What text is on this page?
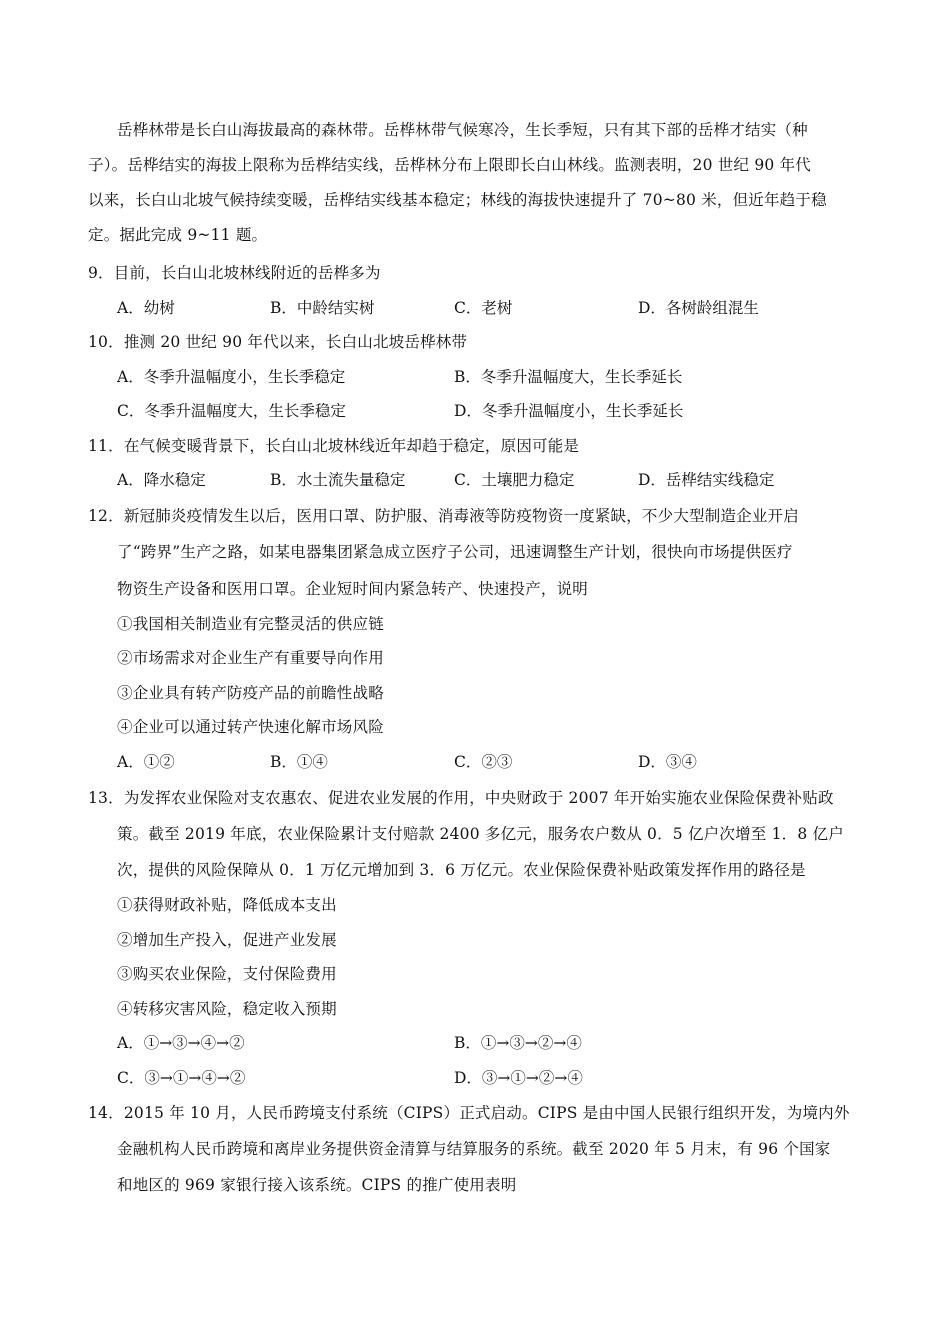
岳桦林带是长白山海拔最高的森林带。岳桦林带气候寒冷，生长季短，只有其下部的岳桦才结实（种
子）。岳桦结实的海拔上限称为岳桦结实线，岳桦林分布上限即长白山林线。监测表明，20 世纪 90 年代
以来，长白山北坡气候持续变暖，岳桦结实线基本稳定；林线的海拔快速提升了 70~80 米，但近年趋于稳
定。据此完成 9~11 题。
9．目前，长白山北坡林线附近的岳桦多为
A．幼树	B．中龄结实树	C．老树	D．各树龄组混生
10．推测 20 世纪 90 年代以来，长白山北坡岳桦林带
A．冬季升温幅度小，生长季稳定	B．冬季升温幅度大，生长季延长
C．冬季升温幅度大，生长季稳定	D．冬季升温幅度小，生长季延长
11．在气候变暖背景下，长白山北坡林线近年却趋于稳定，原因可能是
A．降水稳定	B．水土流失量稳定	C．土壤肥力稳定	D．岳桦结实线稳定
12．新冠肺炎疫情发生以后，医用口罩、防护服、消毒液等防疫物资一度紧缺，不少大型制造企业开启
了“跨界”生产之路，如某电器集团紧急成立医疗子公司，迅速调整生产计划，很快向市场提供医疗
物资生产设备和医用口罩。企业短时间内紧急转产、快速投产，说明
①我国相关制造业有完整灵活的供应链
②市场需求对企业生产有重要导向作用
③企业具有转产防疫产品的前瞻性战略
④企业可以通过转产快速化解市场风险
A．①②	B．①④	C．②③	D．③④
13．为发挥农业保险对支农惠农、促进农业发展的作用，中央财政于 2007 年开始实施农业保险保费补贴政
策。截至 2019 年底，农业保险累计支付赔款 2400 多亿元，服务农户数从 0．5 亿户次增至 1．8 亿户
次，提供的风险保障从 0．1 万亿元增加到 3．6 万亿元。农业保险保费补贴政策发挥作用的路径是
①获得财政补贴，降低成本支出
②增加生产投入，促进产业发展
③购买农业保险，支付保险费用
④转移灾害风险，稳定收入预期
A．①→③→④→②	B．①→③→②→④
C．③→①→④→②	D．③→①→②→④
14．2015 年 10 月，人民币跨境支付系统（CIPS）正式启动。CIPS 是由中国人民银行组织开发，为境内外
金融机构人民币跨境和离岸业务提供资金清算与结算服务的系统。截至 2020 年 5 月末，有 96 个国家
和地区的 969 家银行接入该系统。CIPS 的推广使用表明
